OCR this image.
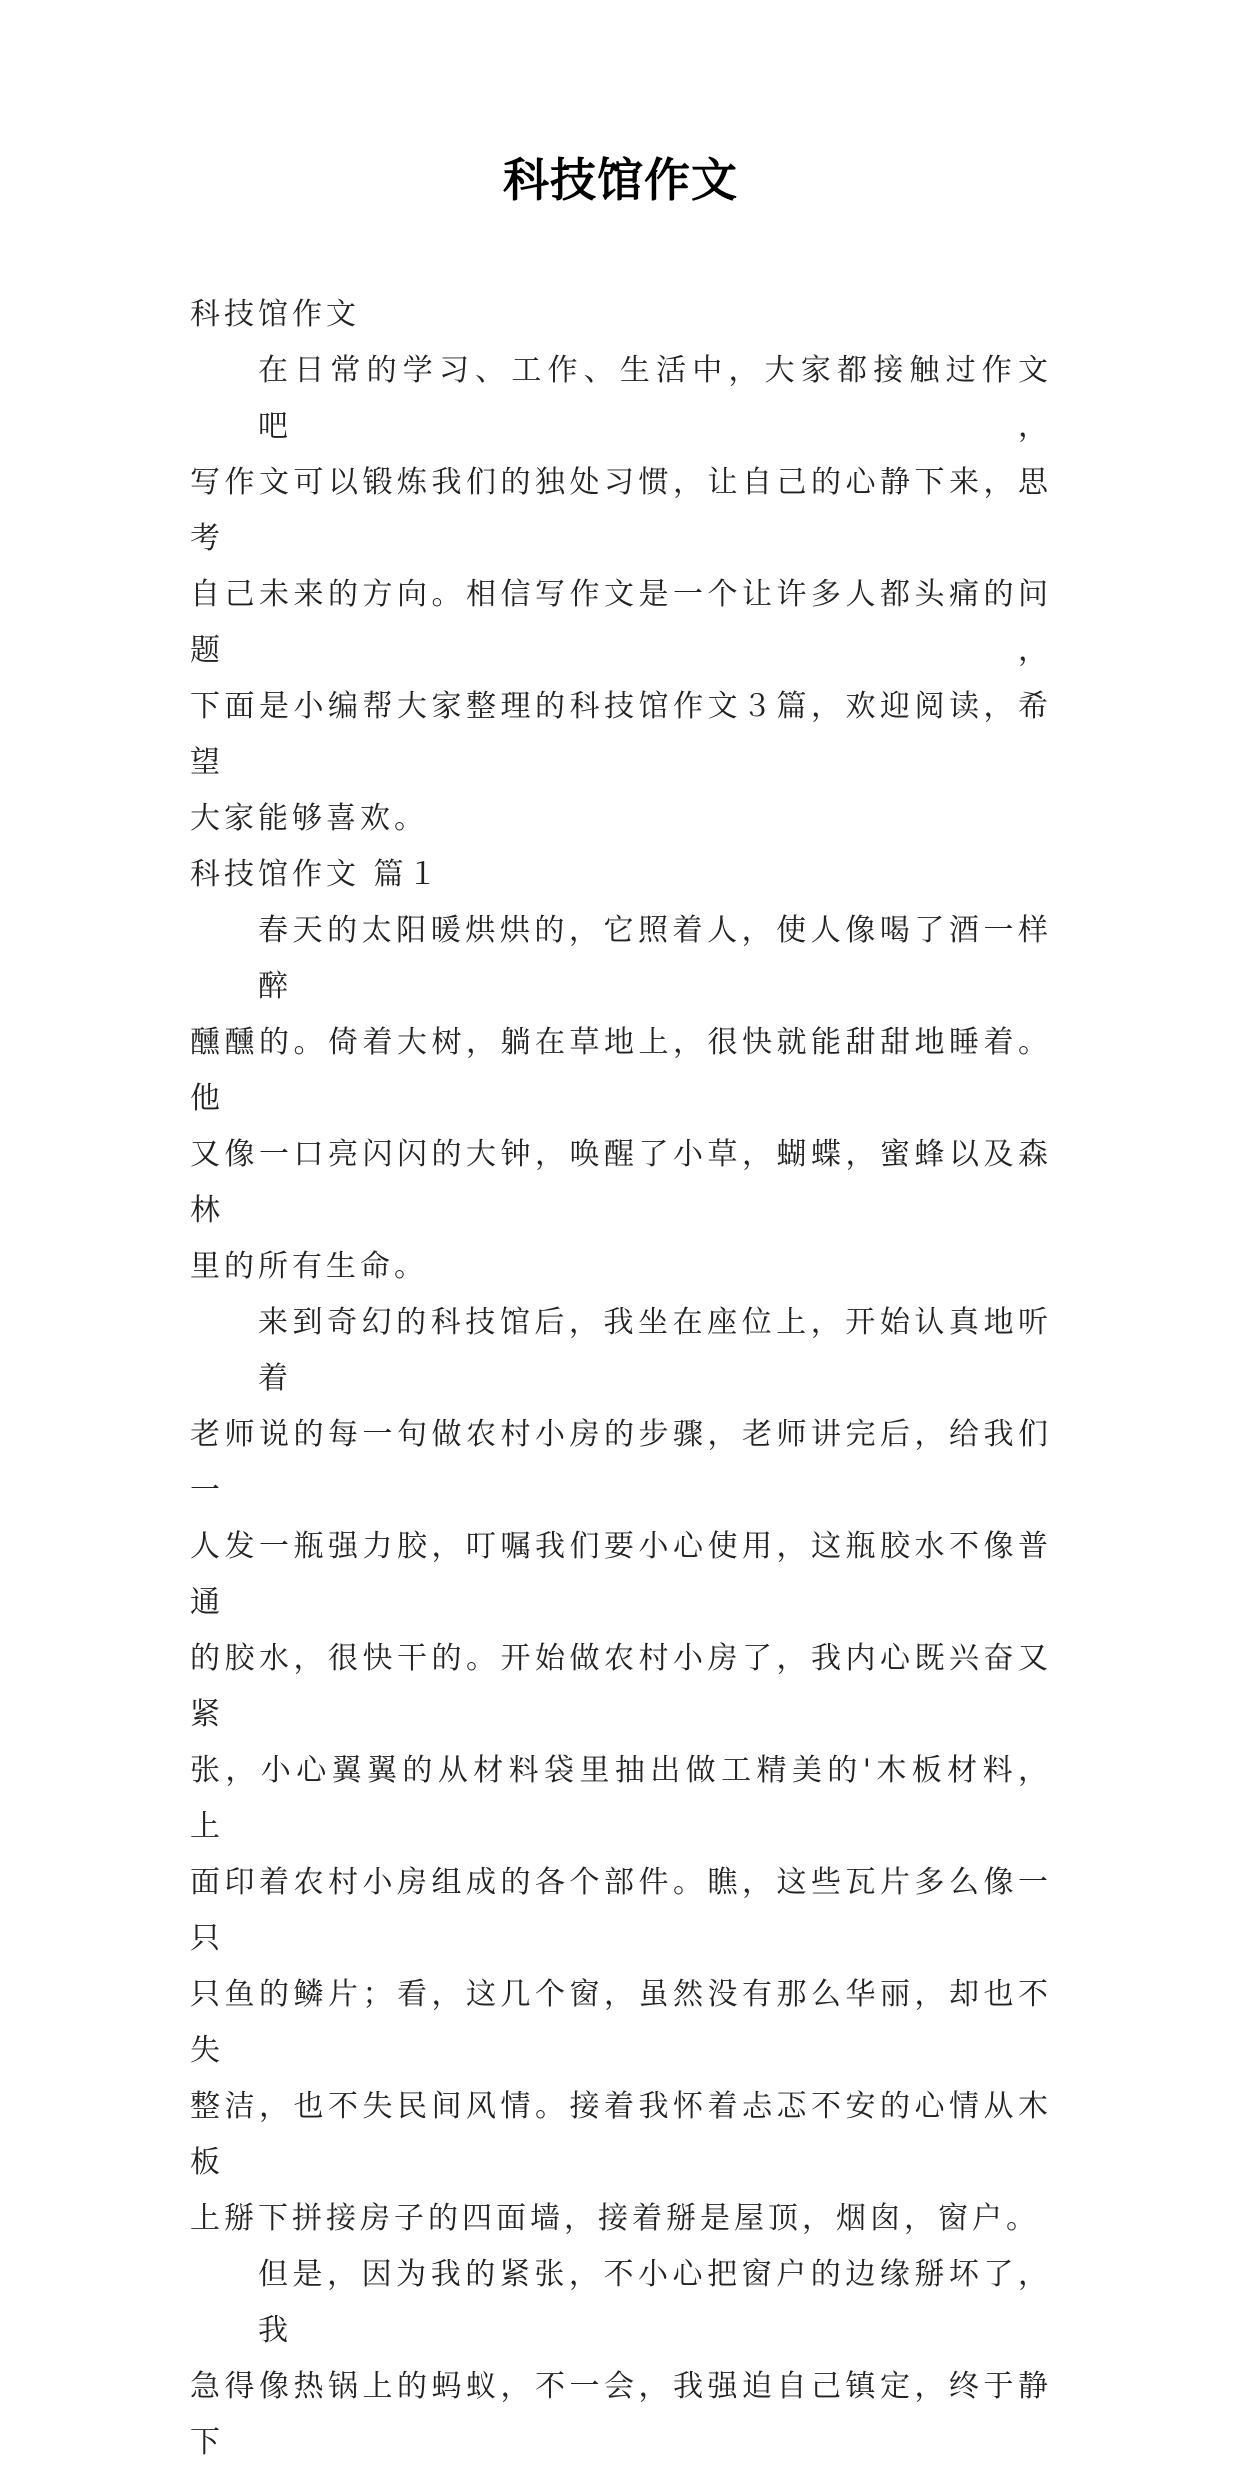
科技馆作文

科技馆作文

在日常的学习、工作、生活中，大家都接触过作文吧，

写作文可以锻炼我们的独处习惯，让自己的心静下来，思考

自己未来的方向。相信写作文是一个让许多人都头痛的问题，

下面是小编帮大家整理的科技馆作文３篇，欢迎阅读，希望

大家能够喜欢。

科技馆作文 篇１

春天的太阳暖烘烘的，它照着人，使人像喝了酒一样醉

醺醺的。倚着大树，躺在草地上，很快就能甜甜地睡着。他

又像一口亮闪闪的大钟，唤醒了小草，蝴蝶，蜜蜂以及森林

里的所有生命。

来到奇幻的科技馆后，我坐在座位上，开始认真地听着

老师说的每一句做农村小房的步骤，老师讲完后，给我们一

人发一瓶强力胶，叮嘱我们要小心使用，这瓶胶水不像普通

的胶水，很快干的。开始做农村小房了，我内心既兴奋又紧

张，小心翼翼的从材料袋里抽出做工精美的'木板材料，上

面印着农村小房组成的各个部件。瞧，这些瓦片多么像一只

只鱼的鳞片；看，这几个窗，虽然没有那么华丽，却也不失

整洁，也不失民间风情。接着我怀着忐忑不安的心情从木板

上掰下拼接房子的四面墙，接着掰是屋顶，烟囱，窗户。

但是，因为我的紧张，不小心把窗户的边缘掰坏了，我

急得像热锅上的蚂蚁，不一会，我强迫自己镇定，终于静下
